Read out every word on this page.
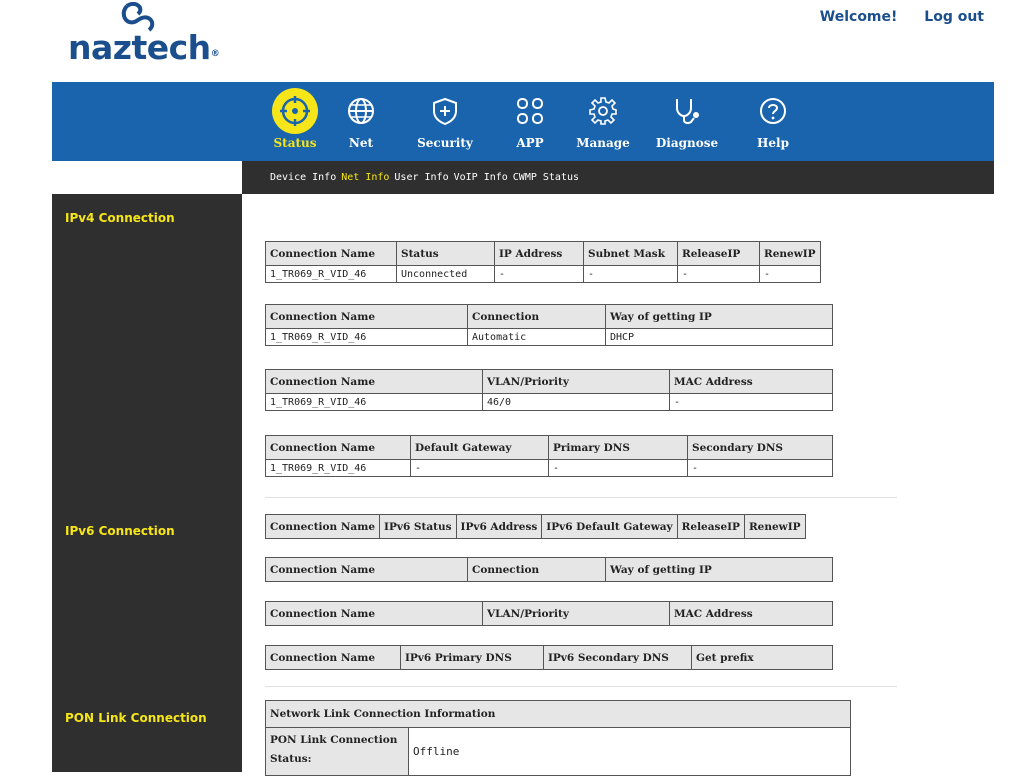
naztech®
Welcome! Log out
Status	Net	Security	APP	Manage	Diagnose	Help
Device Info Net Info User Info VoIP Info CWMP Status
IPv4 Connection
IPv6 Connection
PON Link Connection
Connection Name	Status	IP Address	Subnet Mask	ReleaseIP	RenewIP
1_TR069_R_VID_46	Unconnected	-	-	-	-
Connection Name	Connection	Way of getting IP
1_TR069_R_VID_46	Automatic	DHCP
Connection Name	VLAN/Priority	MAC Address
1_TR069_R_VID_46	46/0	-
Connection Name	Default Gateway	Primary DNS	Secondary DNS
1_TR069_R_VID_46	-	-	-
Connection Name	IPv6 Status	IPv6 Address	IPv6 Default Gateway	ReleaseIP	RenewIP
Connection Name	Connection	Way of getting IP
Connection Name	VLAN/Priority	MAC Address
Connection Name	IPv6 Primary DNS	IPv6 Secondary DNS	Get prefix
Network Link Connection Information
PON Link Connection Status:	Offline
